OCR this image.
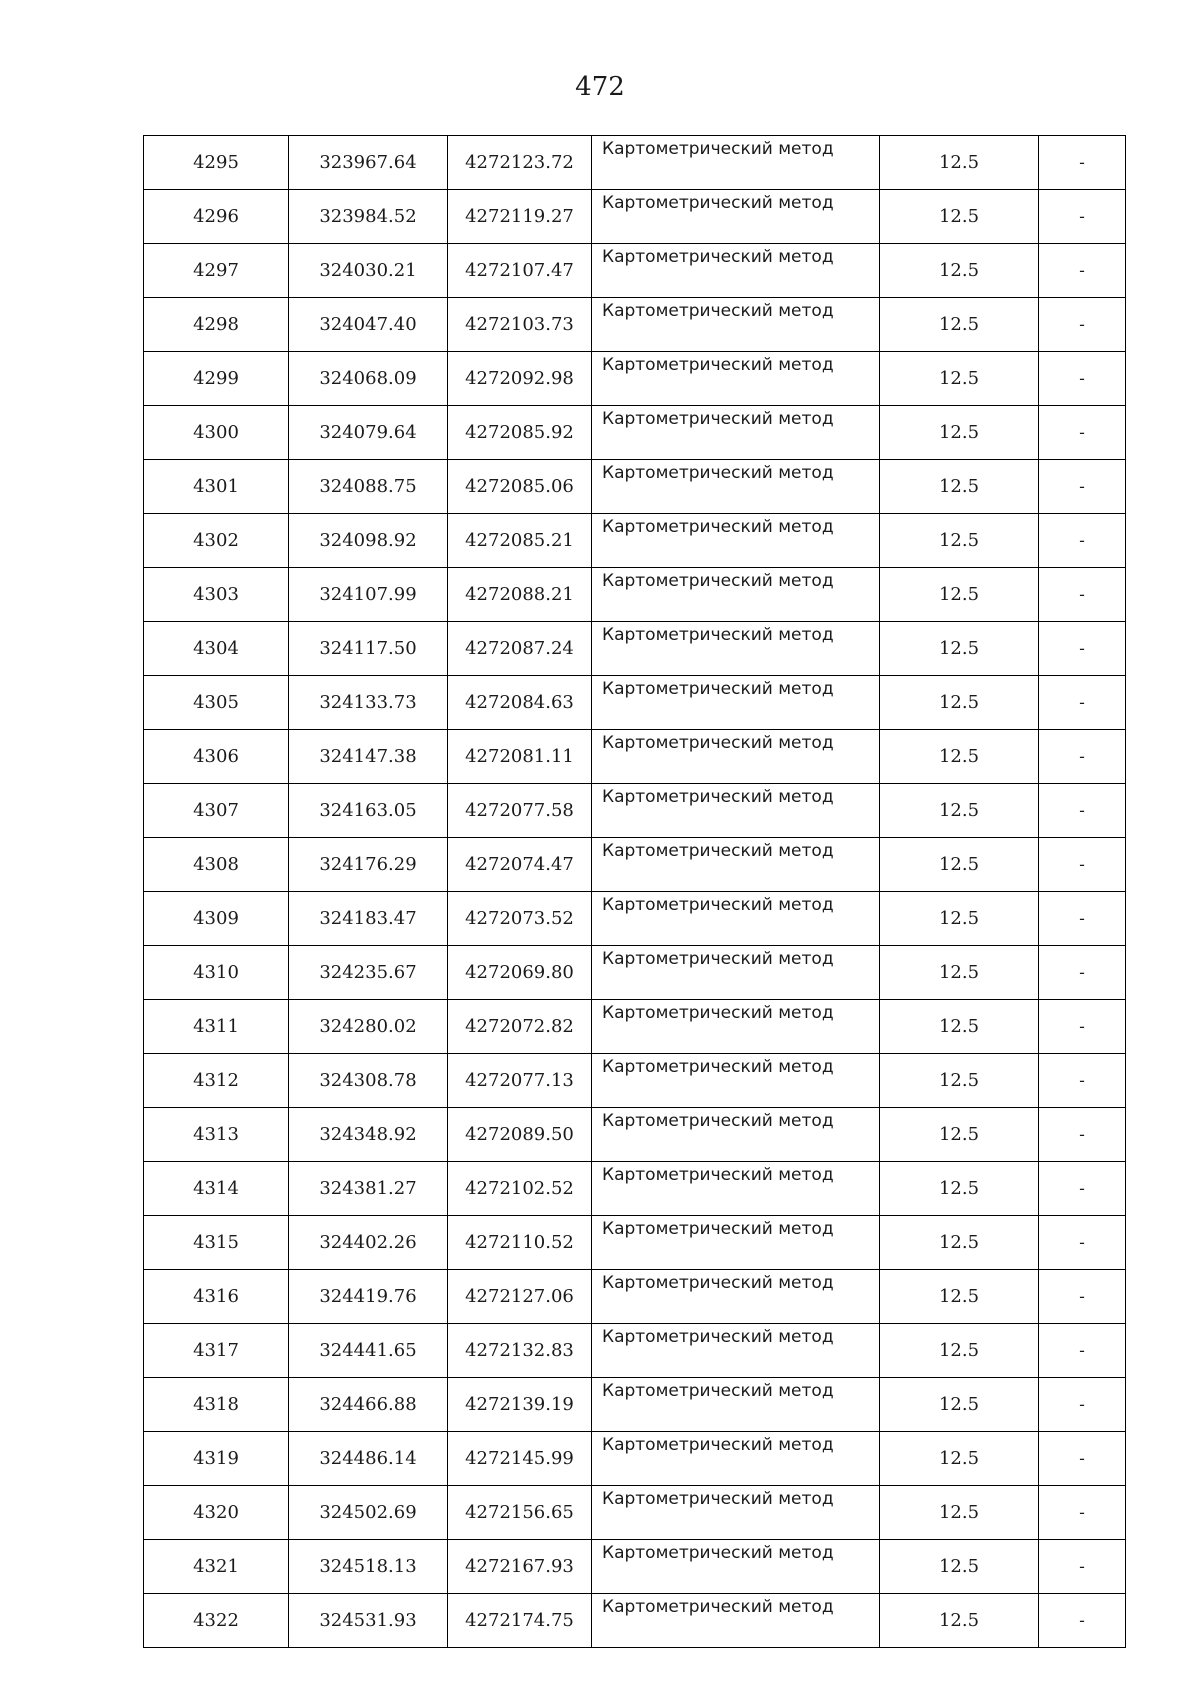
472
4295	323967.64	4272123.72	Картометрический метод	12.5	-
4296	323984.52	4272119.27	Картометрический метод	12.5	-
4297	324030.21	4272107.47	Картометрический метод	12.5	-
4298	324047.40	4272103.73	Картометрический метод	12.5	-
4299	324068.09	4272092.98	Картометрический метод	12.5	-
4300	324079.64	4272085.92	Картометрический метод	12.5	-
4301	324088.75	4272085.06	Картометрический метод	12.5	-
4302	324098.92	4272085.21	Картометрический метод	12.5	-
4303	324107.99	4272088.21	Картометрический метод	12.5	-
4304	324117.50	4272087.24	Картометрический метод	12.5	-
4305	324133.73	4272084.63	Картометрический метод	12.5	-
4306	324147.38	4272081.11	Картометрический метод	12.5	-
4307	324163.05	4272077.58	Картометрический метод	12.5	-
4308	324176.29	4272074.47	Картометрический метод	12.5	-
4309	324183.47	4272073.52	Картометрический метод	12.5	-
4310	324235.67	4272069.80	Картометрический метод	12.5	-
4311	324280.02	4272072.82	Картометрический метод	12.5	-
4312	324308.78	4272077.13	Картометрический метод	12.5	-
4313	324348.92	4272089.50	Картометрический метод	12.5	-
4314	324381.27	4272102.52	Картометрический метод	12.5	-
4315	324402.26	4272110.52	Картометрический метод	12.5	-
4316	324419.76	4272127.06	Картометрический метод	12.5	-
4317	324441.65	4272132.83	Картометрический метод	12.5	-
4318	324466.88	4272139.19	Картометрический метод	12.5	-
4319	324486.14	4272145.99	Картометрический метод	12.5	-
4320	324502.69	4272156.65	Картометрический метод	12.5	-
4321	324518.13	4272167.93	Картометрический метод	12.5	-
4322	324531.93	4272174.75	Картометрический метод	12.5	-
